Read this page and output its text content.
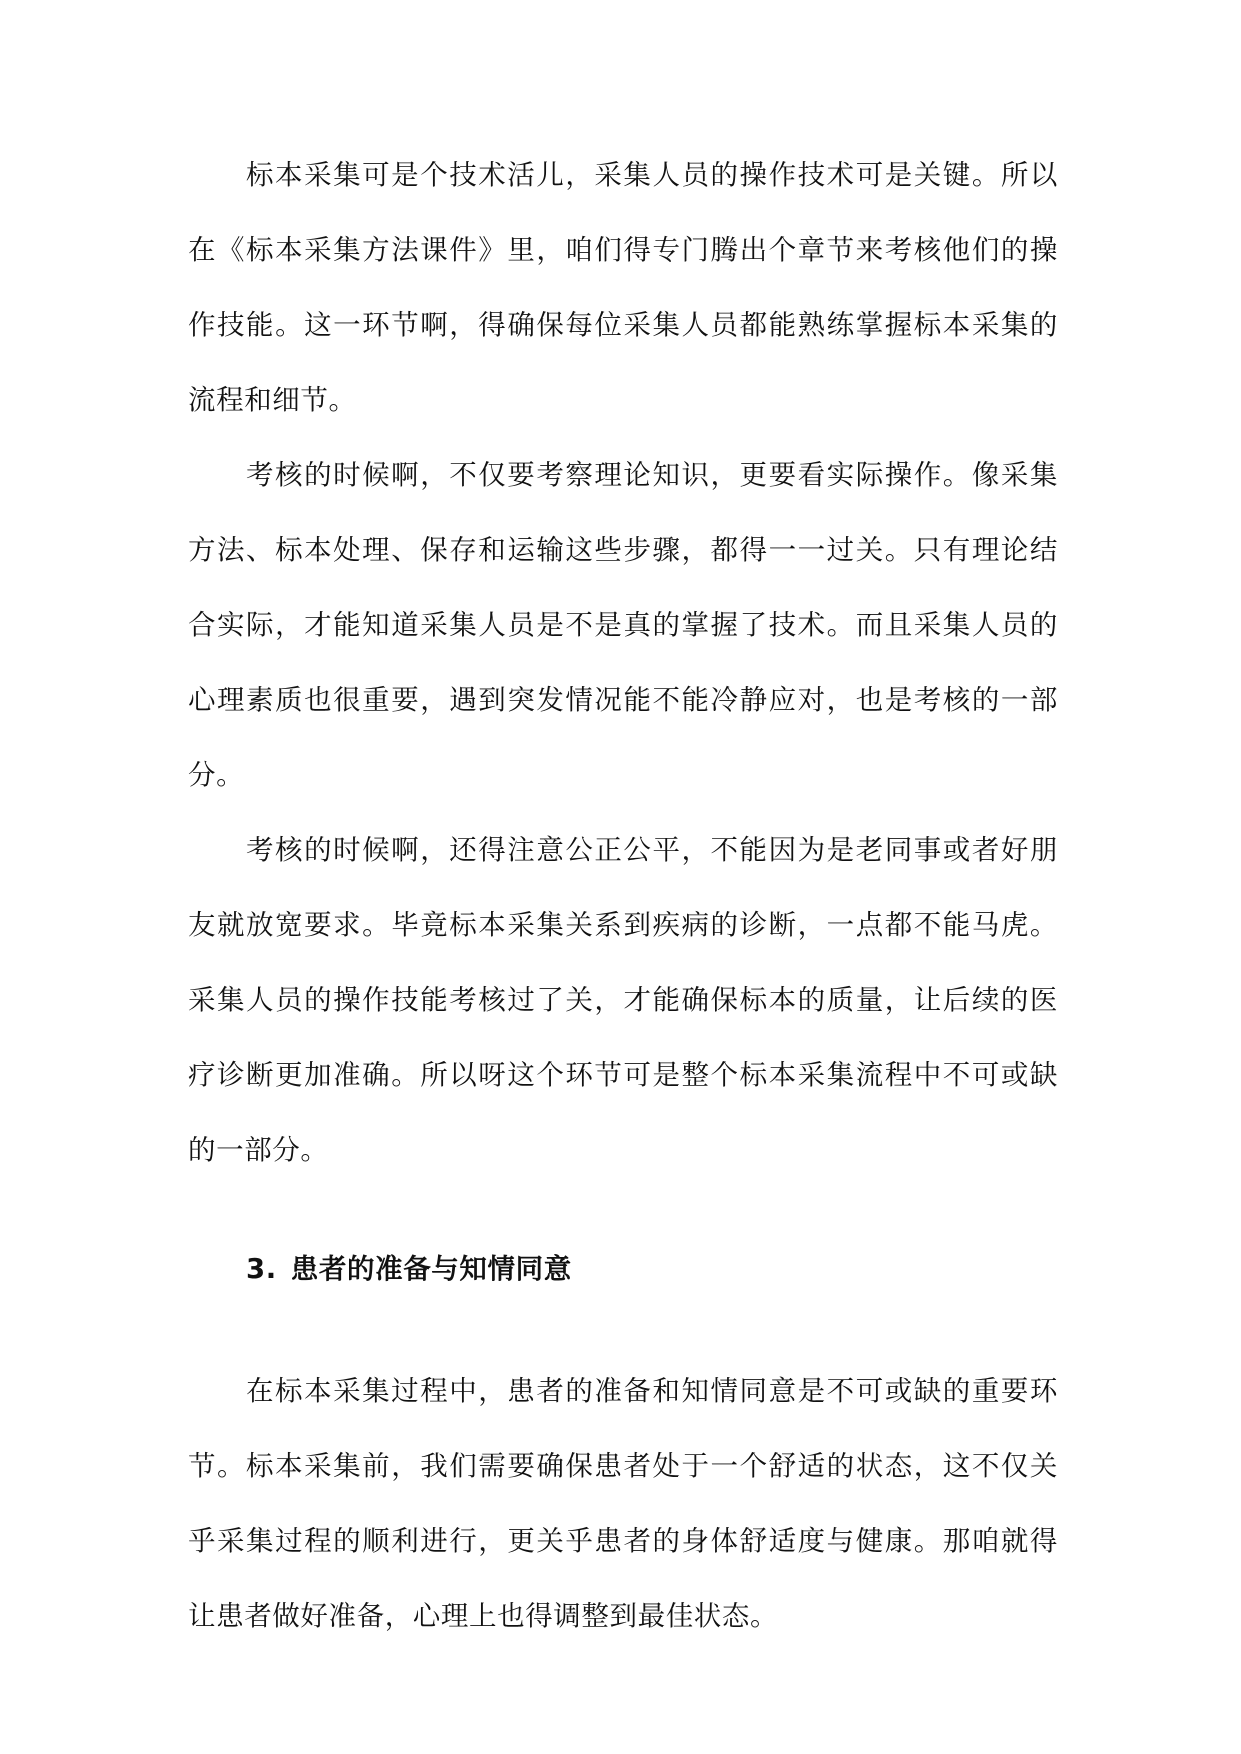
标本采集可是个技术活儿，采集人员的操作技术可是关键。所以在《标本采集方法课件》里，咱们得专门腾出个章节来考核他们的操作技能。这一环节啊，得确保每位采集人员都能熟练掌握标本采集的流程和细节。

考核的时候啊，不仅要考察理论知识，更要看实际操作。像采集方法、标本处理、保存和运输这些步骤，都得一一过关。只有理论结合实际，才能知道采集人员是不是真的掌握了技术。而且采集人员的心理素质也很重要，遇到突发情况能不能冷静应对，也是考核的一部分。

考核的时候啊，还得注意公正公平，不能因为是老同事或者好朋友就放宽要求。毕竟标本采集关系到疾病的诊断，一点都不能马虎。采集人员的操作技能考核过了关，才能确保标本的质量，让后续的医疗诊断更加准确。所以呀这个环节可是整个标本采集流程中不可或缺的一部分。

3. 患者的准备与知情同意

在标本采集过程中，患者的准备和知情同意是不可或缺的重要环节。标本采集前，我们需要确保患者处于一个舒适的状态，这不仅关乎采集过程的顺利进行，更关乎患者的身体舒适度与健康。那咱就得让患者做好准备，心理上也得调整到最佳状态。
